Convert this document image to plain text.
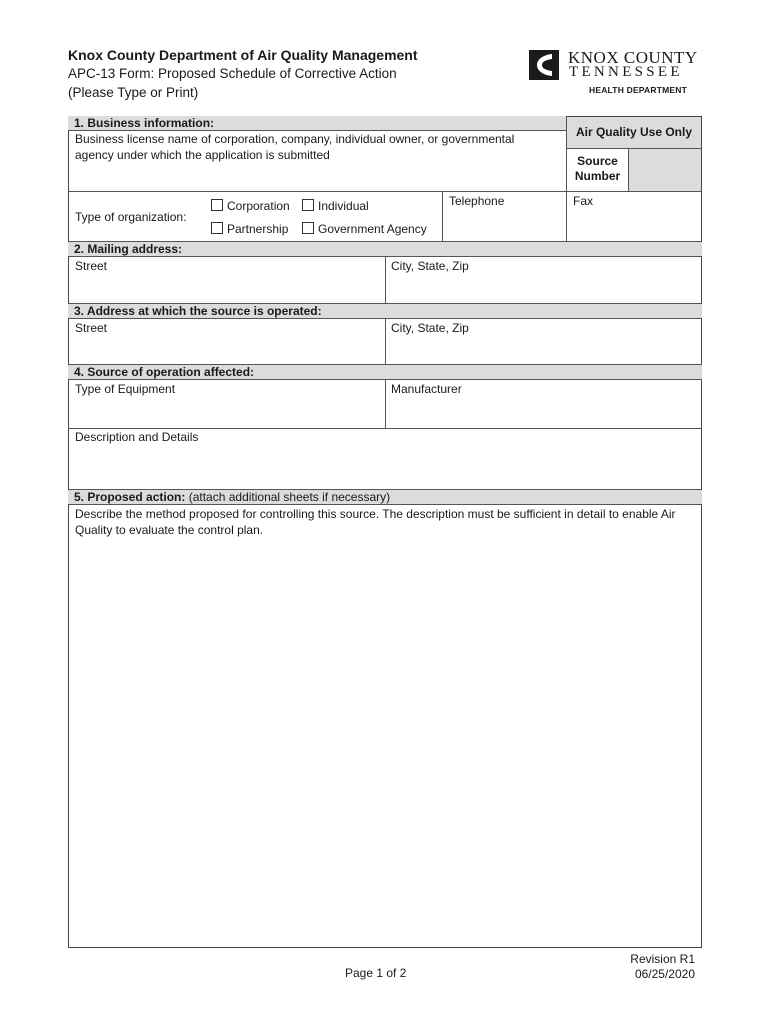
Knox County Department of Air Quality Management
APC-13 Form: Proposed Schedule of Corrective Action
(Please Type or Print)
KNOX COUNTY
TENNESSEE
HEALTH DEPARTMENT
1. Business information:
Business license name of corporation, company, individual owner, or governmental agency under which the application is submitted
Air Quality Use Only
Source Number
Type of organization:
Corporation	Individual
Partnership	Government Agency
Telephone	Fax
2. Mailing address:
Street	City, State, Zip
3. Address at which the source is operated:
Street	City, State, Zip
4. Source of operation affected:
Type of Equipment	Manufacturer
Description and Details
5. Proposed action: (attach additional sheets if necessary)
Describe the method proposed for controlling this source. The description must be sufficient in detail to enable Air Quality to evaluate the control plan.
Page 1 of 2
Revision R1
06/25/2020
